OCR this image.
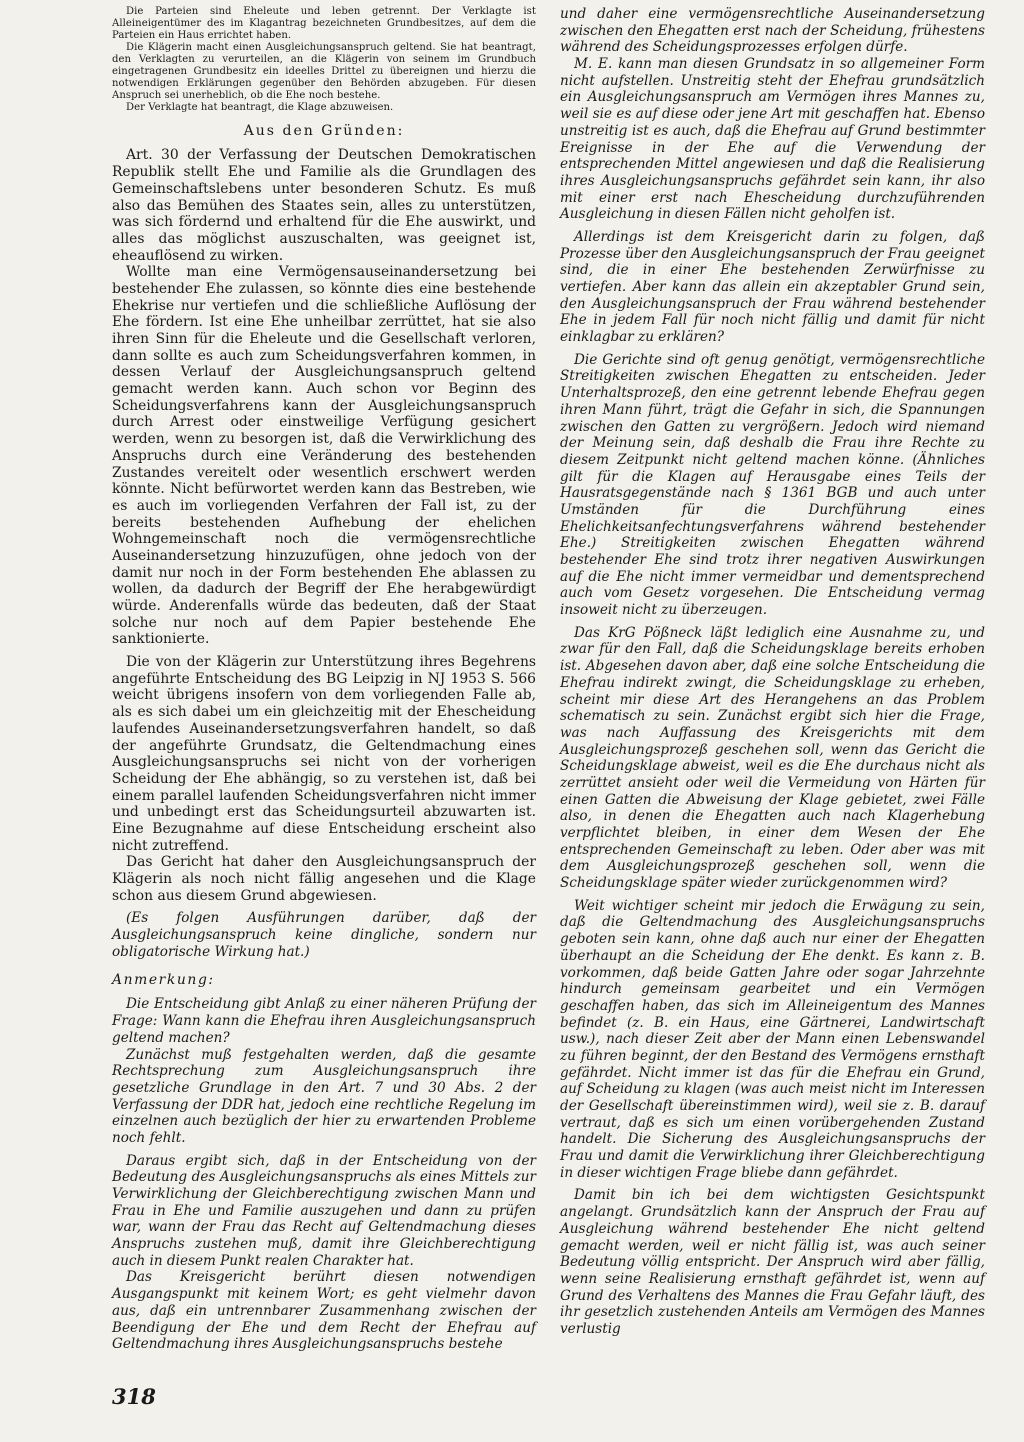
Die Parteien sind Eheleute und leben getrennt. Der Verklagte ist Alleineigentümer des im Klagantrag bezeichneten Grundbesitzes, auf dem die Parteien ein Haus errichtet haben.

Die Klägerin macht einen Ausgleichungsanspruch geltend. Sie hat beantragt, den Verklagten zu verurteilen, an die Klägerin von seinem im Grundbuch eingetragenen Grundbesitz ein ideelles Drittel zu übereignen und hierzu die notwendigen Erklärungen gegenüber den Behörden abzugeben. Für diesen Anspruch sei unerheblich, ob die Ehe noch bestehe.

Der Verklagte hat beantragt, die Klage abzuweisen.

Aus den Gründen:

Art. 30 der Verfassung der Deutschen Demokratischen Republik stellt Ehe und Familie als die Grundlagen des Gemeinschaftslebens unter besonderen Schutz. Es muß also das Bemühen des Staates sein, alles zu unterstützen, was sich fördernd und erhaltend für die Ehe auswirkt, und alles das möglichst auszuschalten, was geeignet ist, eheauflösend zu wirken.

Wollte man eine Vermögensauseinandersetzung bei bestehender Ehe zulassen, so könnte dies eine bestehende Ehekrise nur vertiefen und die schließliche Auflösung der Ehe fördern. Ist eine Ehe unheilbar zerrüttet, hat sie also ihren Sinn für die Eheleute und die Gesellschaft verloren, dann sollte es auch zum Scheidungsverfahren kommen, in dessen Verlauf der Ausgleichungsanspruch geltend gemacht werden kann. Auch schon vor Beginn des Scheidungsverfahrens kann der Ausgleichungsanspruch durch Arrest oder einstweilige Verfügung gesichert werden, wenn zu besorgen ist, daß die Verwirklichung des Anspruchs durch eine Veränderung des bestehenden Zustandes vereitelt oder wesentlich erschwert werden könnte. Nicht befürwortet werden kann das Bestreben, wie es auch im vorliegenden Verfahren der Fall ist, zu der bereits bestehenden Aufhebung der ehelichen Wohngemeinschaft noch die vermögensrechtliche Auseinandersetzung hinzuzufügen, ohne jedoch von der damit nur noch in der Form bestehenden Ehe ablassen zu wollen, da dadurch der Begriff der Ehe herabgewürdigt würde. Anderenfalls würde das bedeuten, daß der Staat solche nur noch auf dem Papier bestehende Ehe sanktionierte.

Die von der Klägerin zur Unterstützung ihres Begehrens angeführte Entscheidung des BG Leipzig in NJ 1953 S. 566 weicht übrigens insofern von dem vorliegenden Falle ab, als es sich dabei um ein gleichzeitig mit der Ehescheidung laufendes Auseinandersetzungsverfahren handelt, so daß der angeführte Grundsatz, die Geltendmachung eines Ausgleichungsanspruchs sei nicht von der vorherigen Scheidung der Ehe abhängig, so zu verstehen ist, daß bei einem parallel laufenden Scheidungsverfahren nicht immer und unbedingt erst das Scheidungsurteil abzuwarten ist. Eine Bezugnahme auf diese Entscheidung erscheint also nicht zutreffend.

Das Gericht hat daher den Ausgleichungsanspruch der Klägerin als noch nicht fällig angesehen und die Klage schon aus diesem Grund abgewiesen.

(Es folgen Ausführungen darüber, daß der Ausgleichungsanspruch keine dingliche, sondern nur obligatorische Wirkung hat.)

Anmerkung:

Die Entscheidung gibt Anlaß zu einer näheren Prüfung der Frage: Wann kann die Ehefrau ihren Ausgleichungsanspruch geltend machen?

Zunächst muß festgehalten werden, daß die gesamte Rechtsprechung zum Ausgleichungsanspruch ihre gesetzliche Grundlage in den Art. 7 und 30 Abs. 2 der Verfassung der DDR hat, jedoch eine rechtliche Regelung im einzelnen auch bezüglich der hier zu erwartenden Probleme noch fehlt.

Daraus ergibt sich, daß in der Entscheidung von der Bedeutung des Ausgleichungsanspruchs als eines Mittels zur Verwirklichung der Gleichberechtigung zwischen Mann und Frau in Ehe und Familie auszugehen und dann zu prüfen war, wann der Frau das Recht auf Geltendmachung dieses Anspruchs zustehen muß, damit ihre Gleichberechtigung auch in diesem Punkt realen Charakter hat.

Das Kreisgericht berührt diesen notwendigen Ausgangspunkt mit keinem Wort; es geht vielmehr davon aus, daß ein untrennbarer Zusammenhang zwischen der Beendigung der Ehe und dem Recht der Ehefrau auf Geltendmachung ihres Ausgleichungsanspruchs bestehe

und daher eine vermögensrechtliche Auseinandersetzung zwischen den Ehegatten erst nach der Scheidung, frühestens während des Scheidungsprozesses erfolgen dürfe.

M. E. kann man diesen Grundsatz in so allgemeiner Form nicht aufstellen. Unstreitig steht der Ehefrau grundsätzlich ein Ausgleichungsanspruch am Vermögen ihres Mannes zu, weil sie es auf diese oder jene Art mit geschaffen hat. Ebenso unstreitig ist es auch, daß die Ehefrau auf Grund bestimmter Ereignisse in der Ehe auf die Verwendung der entsprechenden Mittel angewiesen und daß die Realisierung ihres Ausgleichungsanspruchs gefährdet sein kann, ihr also mit einer erst nach Ehescheidung durchzuführenden Ausgleichung in diesen Fällen nicht geholfen ist.

Allerdings ist dem Kreisgericht darin zu folgen, daß Prozesse über den Ausgleichungsanspruch der Frau geeignet sind, die in einer Ehe bestehenden Zerwürfnisse zu vertiefen. Aber kann das allein ein akzeptabler Grund sein, den Ausgleichungsanspruch der Frau während bestehender Ehe in jedem Fall für noch nicht fällig und damit für nicht einklagbar zu erklären?

Die Gerichte sind oft genug genötigt, vermögensrechtliche Streitigkeiten zwischen Ehegatten zu entscheiden. Jeder Unterhaltsprozeß, den eine getrennt lebende Ehefrau gegen ihren Mann führt, trägt die Gefahr in sich, die Spannungen zwischen den Gatten zu vergrößern. Jedoch wird niemand der Meinung sein, daß deshalb die Frau ihre Rechte zu diesem Zeitpunkt nicht geltend machen könne. (Ähnliches gilt für die Klagen auf Herausgabe eines Teils der Hausratsgegenstände nach § 1361 BGB und auch unter Umständen für die Durchführung eines Ehelichkeitsanfechtungsverfahrens während bestehender Ehe.) Streitigkeiten zwischen Ehegatten während bestehender Ehe sind trotz ihrer negativen Auswirkungen auf die Ehe nicht immer vermeidbar und dementsprechend auch vom Gesetz vorgesehen. Die Entscheidung vermag insoweit nicht zu überzeugen.

Das KrG Pößneck läßt lediglich eine Ausnahme zu, und zwar für den Fall, daß die Scheidungsklage bereits erhoben ist. Abgesehen davon aber, daß eine solche Entscheidung die Ehefrau indirekt zwingt, die Scheidungsklage zu erheben, scheint mir diese Art des Herangehens an das Problem schematisch zu sein. Zunächst ergibt sich hier die Frage, was nach Auffassung des Kreisgerichts mit dem Ausgleichungsprozeß geschehen soll, wenn das Gericht die Scheidungsklage abweist, weil es die Ehe durchaus nicht als zerrüttet ansieht oder weil die Vermeidung von Härten für einen Gatten die Abweisung der Klage gebietet, zwei Fälle also, in denen die Ehegatten auch nach Klagerhebung verpflichtet bleiben, in einer dem Wesen der Ehe entsprechenden Gemeinschaft zu leben. Oder aber was mit dem Ausgleichungsprozeß geschehen soll, wenn die Scheidungsklage später wieder zurückgenommen wird?

Weit wichtiger scheint mir jedoch die Erwägung zu sein, daß die Geltendmachung des Ausgleichungsanspruchs geboten sein kann, ohne daß auch nur einer der Ehegatten überhaupt an die Scheidung der Ehe denkt. Es kann z. B. vorkommen, daß beide Gatten Jahre oder sogar Jahrzehnte hindurch gemeinsam gearbeitet und ein Vermögen geschaffen haben, das sich im Alleineigentum des Mannes befindet (z. B. ein Haus, eine Gärtnerei, Landwirtschaft usw.), nach dieser Zeit aber der Mann einen Lebenswandel zu führen beginnt, der den Bestand des Vermögens ernsthaft gefährdet. Nicht immer ist das für die Ehefrau ein Grund, auf Scheidung zu klagen (was auch meist nicht im Interessen der Gesellschaft übereinstimmen wird), weil sie z. B. darauf vertraut, daß es sich um einen vorübergehenden Zustand handelt. Die Sicherung des Ausgleichungsanspruchs der Frau und damit die Verwirklichung ihrer Gleichberechtigung in dieser wichtigen Frage bliebe dann gefährdet.

Damit bin ich bei dem wichtigsten Gesichtspunkt angelangt. Grundsätzlich kann der Anspruch der Frau auf Ausgleichung während bestehender Ehe nicht geltend gemacht werden, weil er nicht fällig ist, was auch seiner Bedeutung völlig entspricht. Der Anspruch wird aber fällig, wenn seine Realisierung ernsthaft gefährdet ist, wenn auf Grund des Verhaltens des Mannes die Frau Gefahr läuft, des ihr gesetzlich zustehenden Anteils am Vermögen des Mannes verlustig

318
